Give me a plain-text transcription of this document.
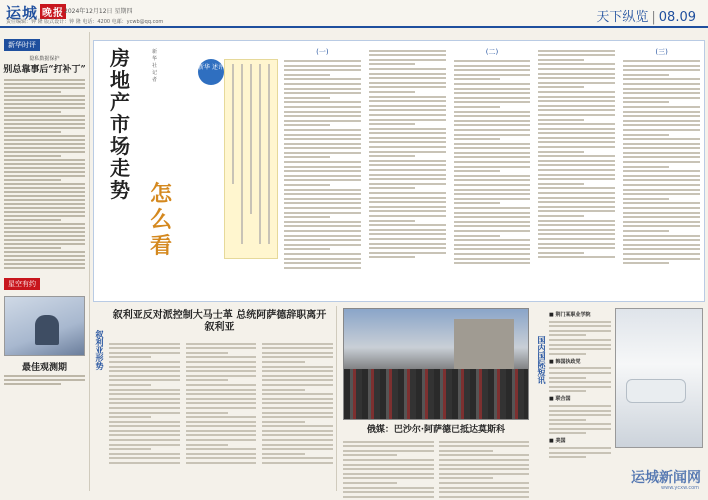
运城 晚报 2024年12月12日 星期四
责任编辑：钟 隆 版式设计：钟 隆 电话：4200 电邮：ycwb@qq.com	天下纵览 | 08.09
新华时评
隐私数据保护
别总靠事后“打补丁”
星空有约
最佳观测期
房地产市场走势
新华社记者
怎么看
新华 述评

(一)	(二)	(三)
叙利亚形势
叙利亚反对派控制大马士革 总统阿萨德辞职离开叙利亚
俄媒：巴沙尔·阿萨德已抵达莫斯科
国内国际短讯
■ 荆门某职业学院
■ 韩国执政党
■ 联合国
■ 美国
运城新闻网
www.ycxw.com
